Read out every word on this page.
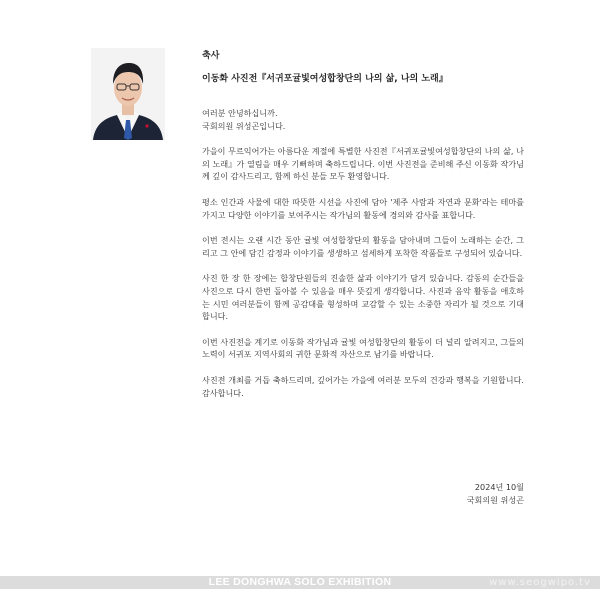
축사

이동화 사진전『서귀포귤빛여성합창단의 나의 삶, 나의 노래』

여러분 안녕하십니까.

국회의원 위성곤입니다.

가을이 무르익어가는 아름다운 계절에 특별한 사진전『서귀포귤빛여성합창단의 나의 삶, 나의 노래』가 열림을 매우 기뻐하며 축하드립니다. 이번 사진전을 준비해 주신 이동화 작가님께 깊이 감사드리고, 함께 하신 분들 모두 환영합니다.

평소 인간과 사물에 대한 따뜻한 시선을 사진에 담아 '제주 사람과 자연과 문화'라는 테마를 가지고 다양한 이야기를 보여주시는 작가님의 활동에 경의와 감사를 표합니다.

이번 전시는 오랜 시간 동안 귤빛 여성합창단의 활동을 담아내며 그들이 노래하는 순간, 그리고 그 안에 담긴 감정과 이야기를 생생하고 섬세하게 포착한 작품들로 구성되어 있습니다.

사진 한 장 한 장에는 합창단원들의 진솔한 삶과 이야기가 담겨 있습니다. 감동의 순간들을 사진으로 다시 한번 돌아볼 수 있음을 매우 뜻깊게 생각합니다. 사진과 음악 활동을 애호하는 시민 여러분들이 함께 공감대를 형성하며 교감할 수 있는 소중한 자리가 될 것으로 기대합니다.

이번 사진전을 계기로 이동화 작가님과 귤빛 여성합창단의 활동이 더 널리 알려지고, 그들의 노력이 서귀포 지역사회의 귀한 문화적 자산으로 남기를 바랍니다.

사진전 개최를 거듭 축하드리며, 깊어가는 가을에 여러분 모두의 건강과 행복을 기원합니다. 감사합니다.

2024년 10월
국회의원 위성곤
LEE DONGHWA SOLO EXHIBITION	www.seogwipo.tv
